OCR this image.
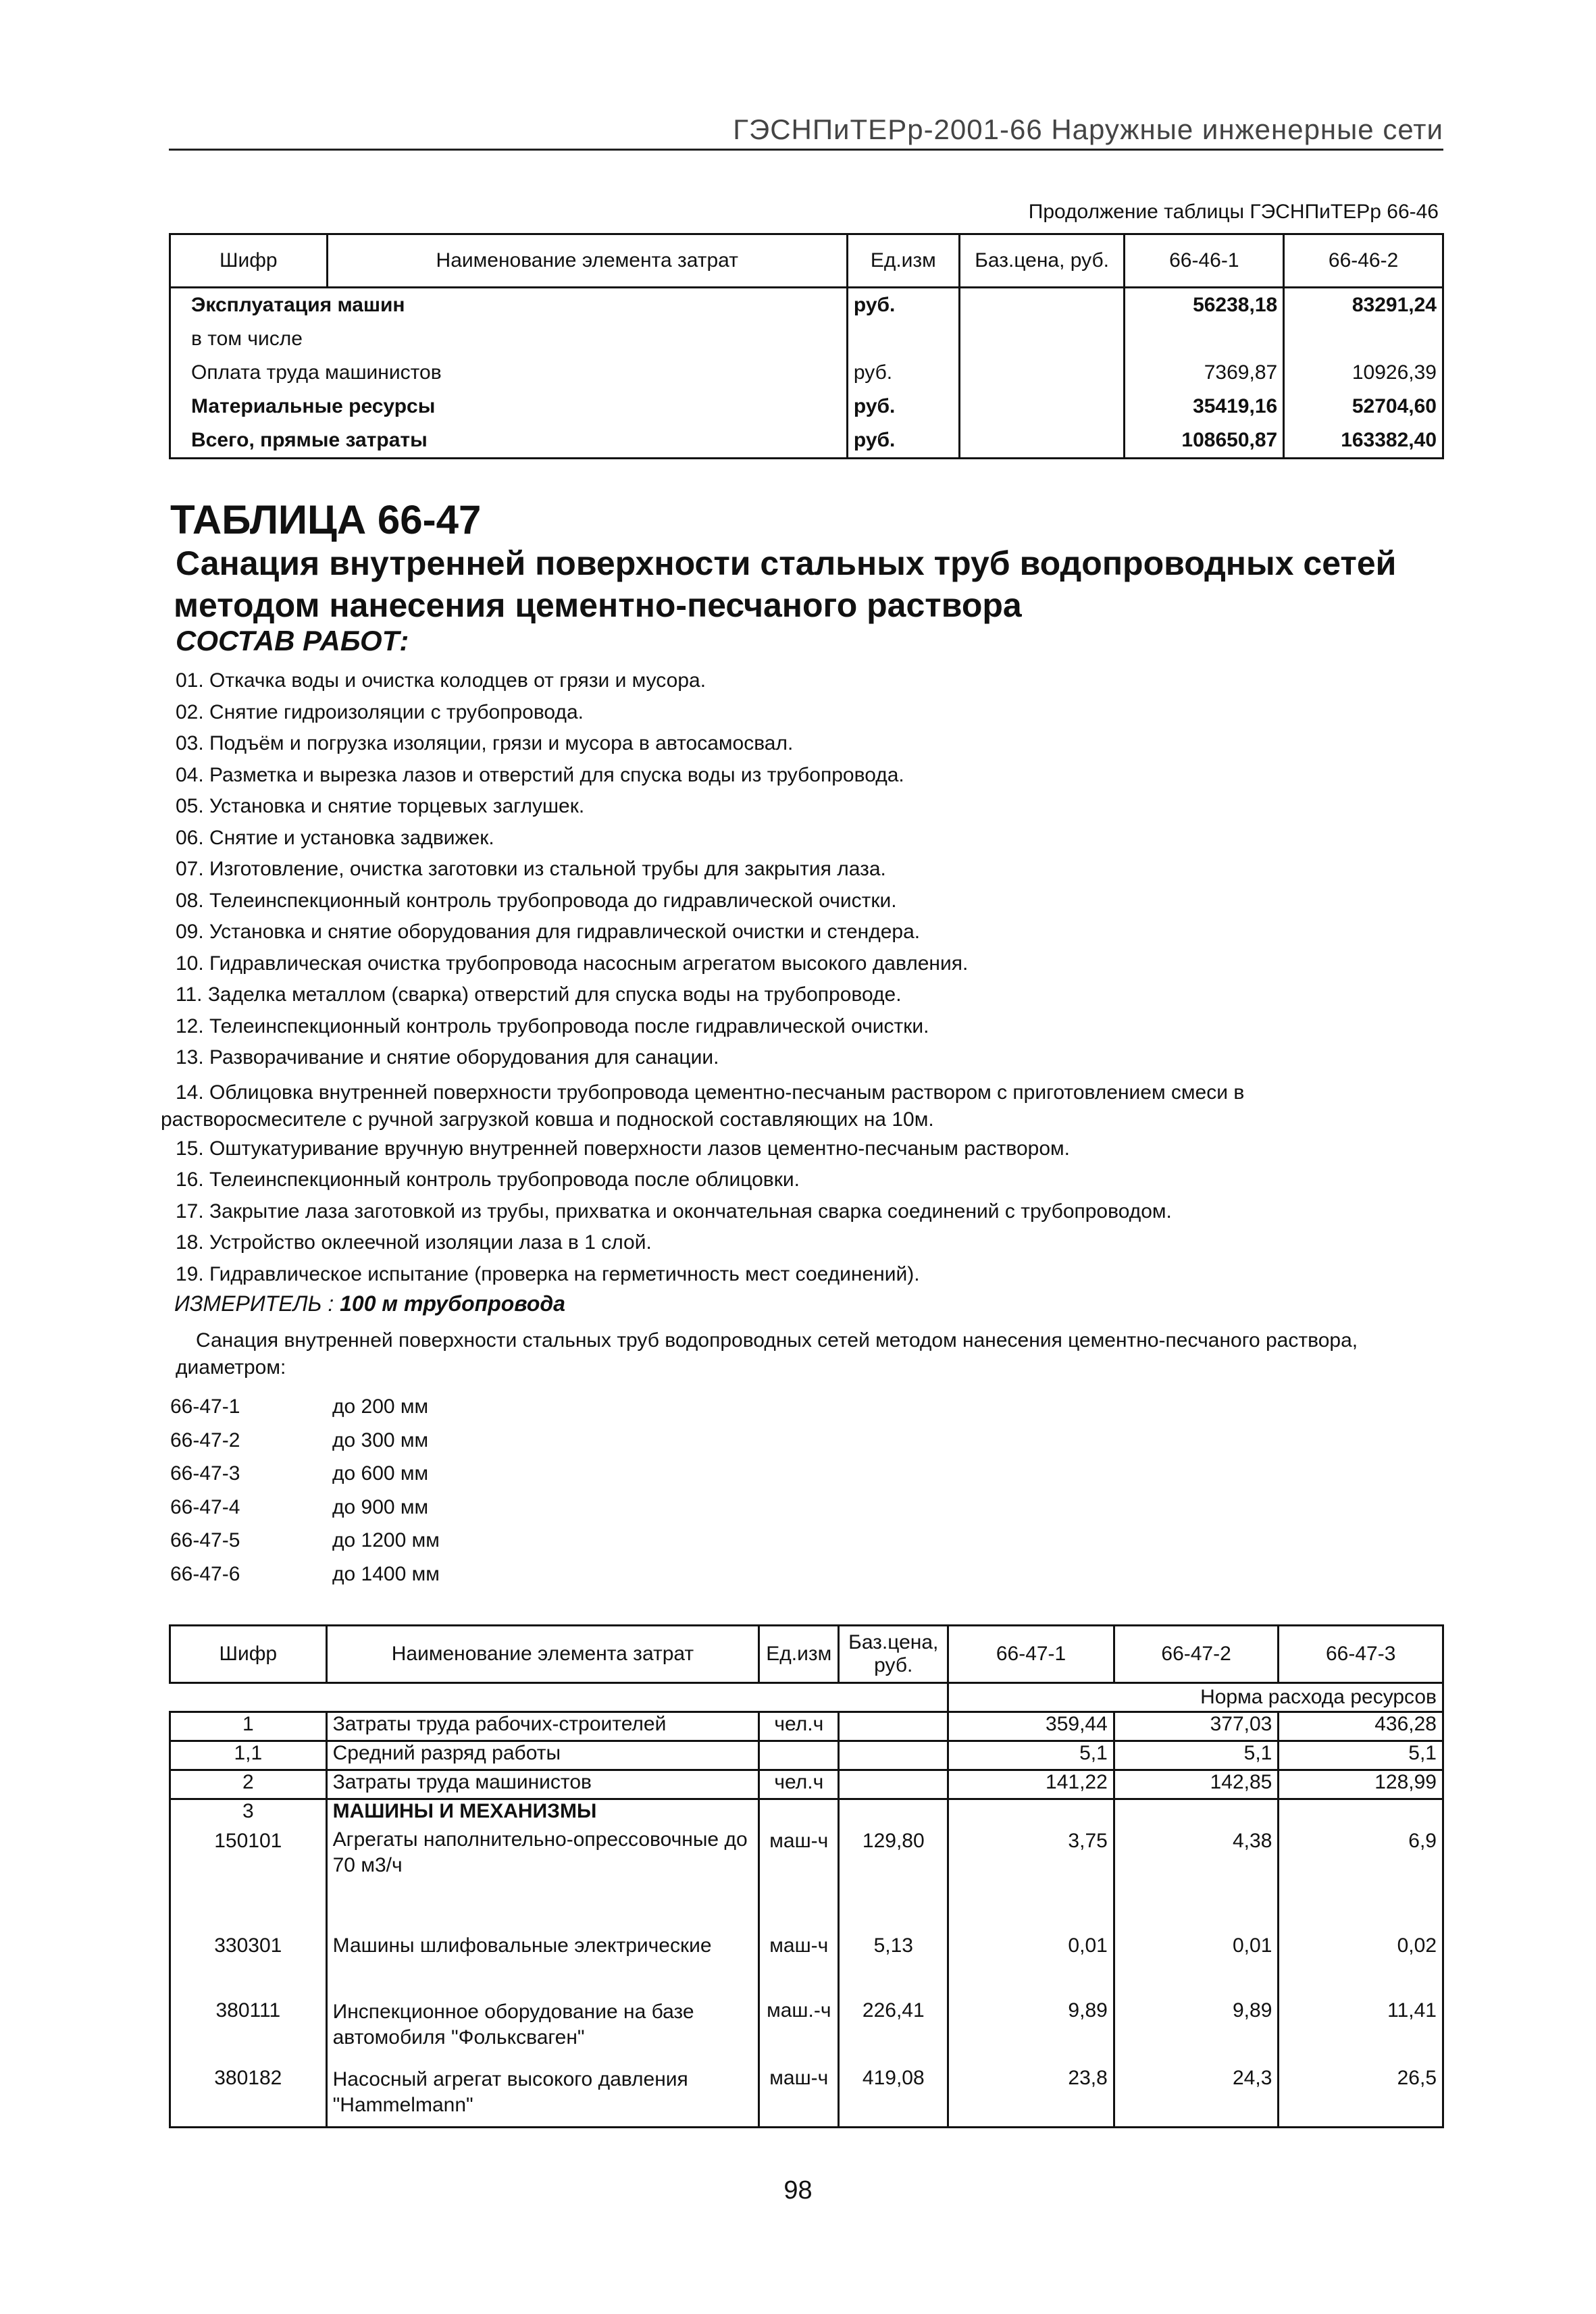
ГЭСНПиТЕРр-2001-66 Наружные инженерные сети
Продолжение таблицы ГЭСНПиТЕРр 66-46
Шифр	Наименование элемента затрат	Ед.изм	Баз.цена, руб.	66-46-1	66-46-2
Эксплуатация машин		руб.		56238,18	83291,24
в том числе					
Оплата труда машинистов		руб.		7369,87	10926,39
Материальные ресурсы		руб.		35419,16	52704,60
Всего, прямые затраты		руб.		108650,87	163382,40
ТАБЛИЦА 66-47
Санация внутренней поверхности стальных труб водопроводных сетей
методом нанесения цементно-песчаного раствора
СОСТАВ РАБОТ:
01. Откачка воды и очистка колодцев от грязи и мусора.
02. Снятие гидроизоляции с трубопровода.
03. Подъём и погрузка изоляции, грязи и мусора в автосамосвал.
04. Разметка и вырезка лазов и отверстий для спуска воды из трубопровода.
05. Установка и снятие торцевых заглушек.
06. Снятие и установка задвижек.
07. Изготовление, очистка заготовки из стальной трубы для закрытия лаза.
08. Телеинспекционный контроль трубопровода до гидравлической очистки.
09. Установка и снятие оборудования для гидравлической очистки и стендера.
10. Гидравлическая очистка трубопровода насосным агрегатом высокого давления.
11. Заделка металлом (сварка) отверстий для спуска воды на трубопроводе.
12. Телеинспекционный контроль трубопровода после гидравлической очистки.
13. Разворачивание и снятие оборудования для санации.
14. Облицовка внутренней поверхности трубопровода цементно-песчаным раствором с приготовлением смеси в
растворосмесителе с ручной загрузкой ковша и подноской составляющих на 10м.
15. Оштукатуривание вручную внутренней поверхности лазов цементно-песчаным раствором.
16. Телеинспекционный контроль трубопровода после облицовки.
17. Закрытие лаза заготовкой из трубы, прихватка и окончательная сварка соединений с трубопроводом.
18. Устройство оклеечной изоляции лаза в 1 слой.
19. Гидравлическое испытание (проверка на герметичность мест соединений).
ИЗМЕРИТЕЛЬ : 100 м трубопровода
Санация внутренней поверхности стальных труб водопроводных сетей методом нанесения цементно-песчаного раствора,
диаметром:
66-47-1	до 200 мм
66-47-2	до 300 мм
66-47-3	до 600 мм
66-47-4	до 900 мм
66-47-5	до 1200 мм
66-47-6	до 1400 мм
Шифр	Наименование элемента затрат	Ед.изм	Баз.цена, руб.	66-47-1	66-47-2	66-47-3
				Норма расхода ресурсов		
1	Затраты труда рабочих-строителей	чел.ч		359,44	377,03	436,28
1,1	Средний разряд работы			5,1	5,1	5,1
2	Затраты труда машинистов	чел.ч		141,22	142,85	128,99
3	МАШИНЫ И МЕХАНИЗМЫ					
150101	Агрегаты наполнительно-опрессовочные до 70 м3/ч	маш-ч	129,80	3,75	4,38	6,9
330301	Машины шлифовальные электрические	маш-ч	5,13	0,01	0,01	0,02
380111	Инспекционное оборудование на базе автомобиля "Фольксваген"	маш.-ч	226,41	9,89	9,89	11,41
380182	Насосный агрегат высокого давления "Hammelmann"	маш-ч	419,08	23,8	24,3	26,5
98
